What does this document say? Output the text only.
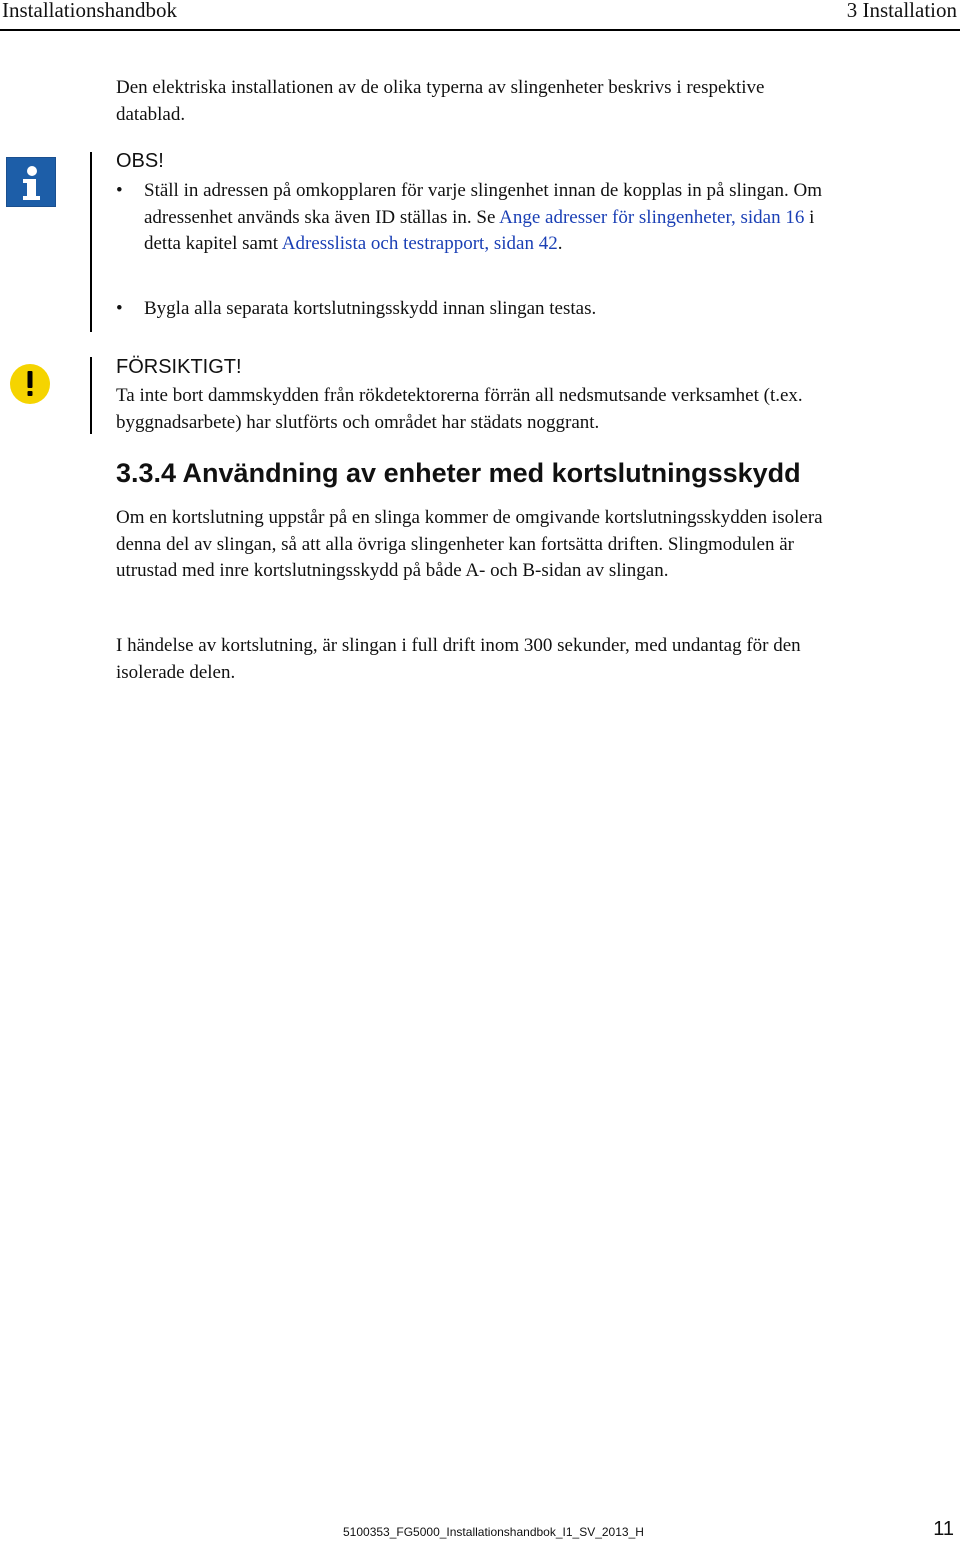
Installationshandbok	3 Installation
Den elektriska installationen av de olika typerna av slingenheter beskrivs i respektive datablad.
OBS!
• Ställ in adressen på omkopplaren för varje slingenhet innan de kopplas in på slingan. Om adressenhet används ska även ID ställas in. Se Ange adresser för slingenheter, sidan 16 i detta kapitel samt Adresslista och testrapport, sidan 42.
• Bygla alla separata kortslutningsskydd innan slingan testas.
FÖRSIKTIGT!
Ta inte bort dammskydden från rökdetektorerna förrän all nedsmutsande verksamhet (t.ex. byggnadsarbete) har slutförts och området har städats noggrant.
3.3.4 Användning av enheter med kortslutningsskydd
Om en kortslutning uppstår på en slinga kommer de omgivande kortslutningsskydden isolera denna del av slingan, så att alla övriga slingenheter kan fortsätta driften. Slingmodulen är utrustad med inre kortslutningsskydd på både A- och B-sidan av slingan.
I händelse av kortslutning, är slingan i full drift inom 300 sekunder, med undantag för den isolerade delen.
5100353_FG5000_Installationshandbok_I1_SV_2013_H	11
